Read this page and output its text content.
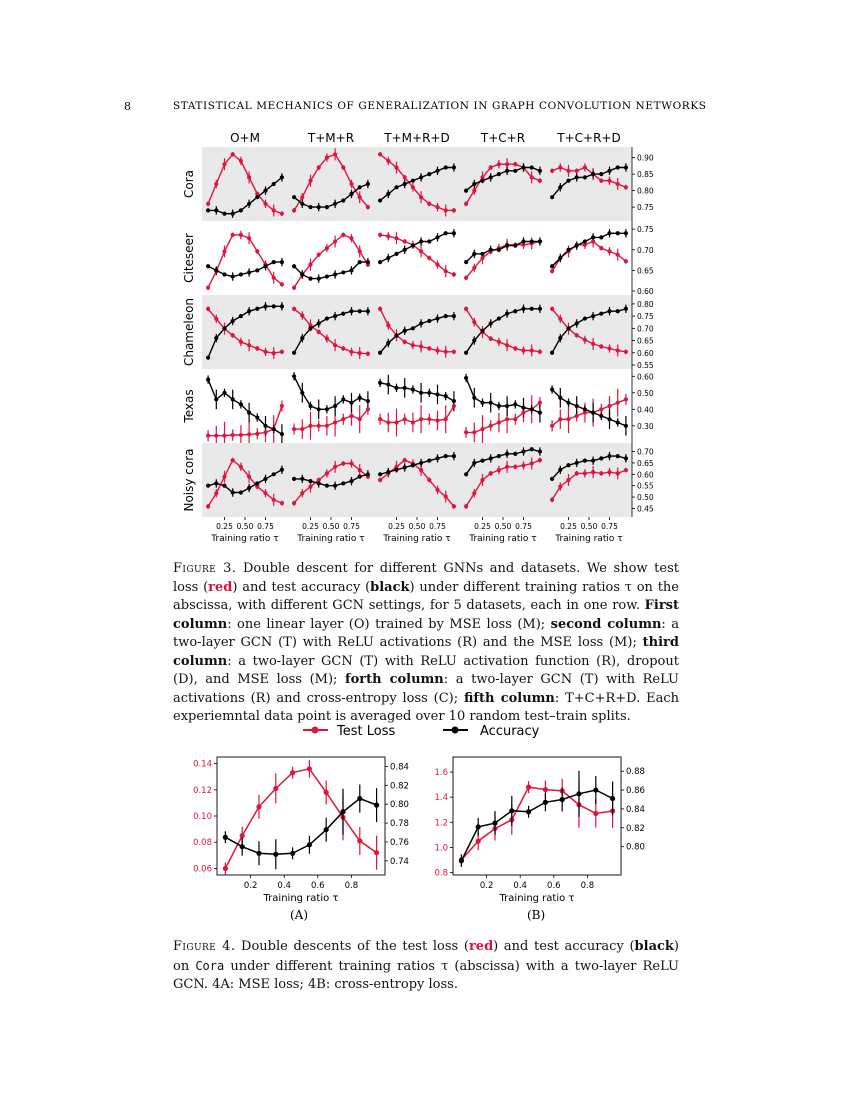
8	STATISTICAL MECHANICS OF GENERALIZATION IN GRAPH CONVOLUTION NETWORKS
O+M	T+M+R	T+M+R+D	T+C+R	T+C+R+D
Cora
0.90
0.85
0.80
0.75
Citeseer
0.75
0.70
0.65
0.60
Chameleon	0.80
0.75
0.70
0.65
0.60
0.55
Texas
0.60
0.50
0.40
0.30
Noisy cora	0.70
0.65
0.60
0.55
0.50
0.45
0.25 0.50 0.75
Training ratio τ
0.25 0.50 0.75
Training ratio τ
0.25 0.50 0.75
Training ratio τ
0.25 0.50 0.75
Training ratio τ
0.25 0.50 0.75
Training ratio τ
Figure 3. Double descent for different GNNs and datasets. We show test loss (red) and test accuracy (black) under different training ratios τ on the abscissa, with different GCN settings, for 5 datasets, each in one row. First column: one linear layer (O) trained by MSE loss (M); second column: a two-layer GCN (T) with ReLU activations (R) and the MSE loss (M); third column: a two-layer GCN (T) with ReLU activation function (R), dropout (D), and MSE loss (M); forth column: a two-layer GCN (T) with ReLU activations (R) and cross-entropy loss (C); fifth column: T+C+R+D. Each experiemntal data point is averaged over 10 random test–train splits.
Test Loss	Accuracy
0.14
0.12
0.10
0.08
0.06
0.84
0.82
0.80
0.78
0.76
0.74
0.2 0.4 0.6 0.8
Training ratio τ
1.6
1.4
1.2
1.0
0.8
0.88
0.86
0.84
0.82
0.80
0.2 0.4 0.6 0.8
Training ratio τ
(A)	(B)
Figure 4. Double descents of the test loss (red) and test accuracy (black) on Cora under different training ratios τ (abscissa) with a two-layer ReLU GCN. 4A: MSE loss; 4B: cross-entropy loss.
